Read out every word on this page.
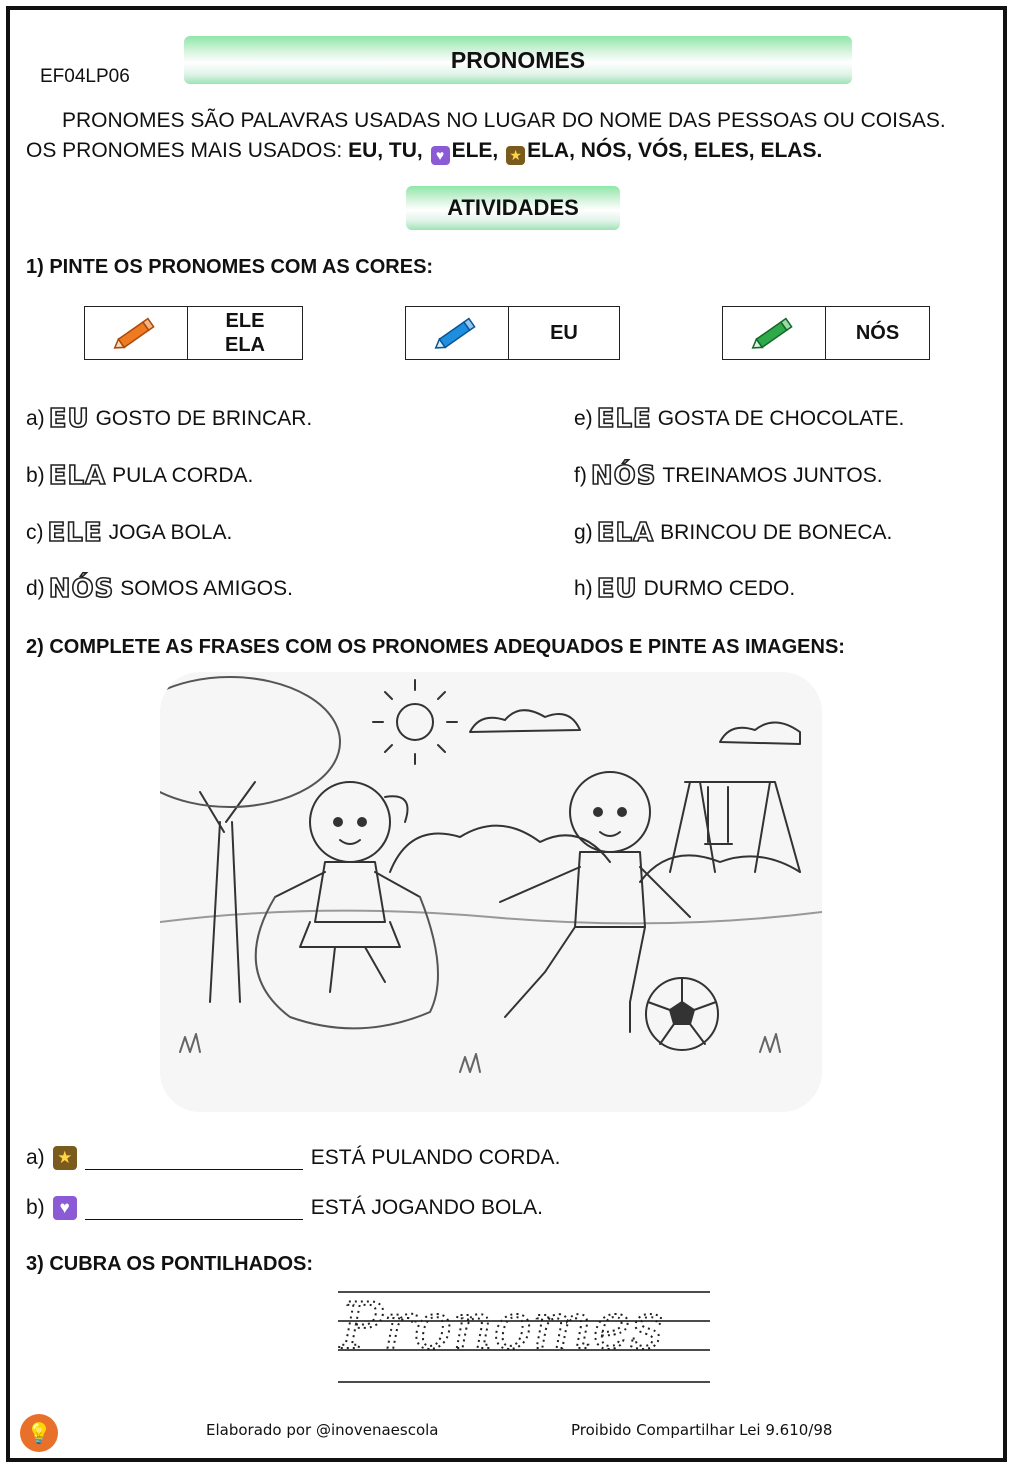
EF04LP06
PRONOMES
PRONOMES SÃO PALAVRAS USADAS NO LUGAR DO NOME DAS PESSOAS OU COISAS.
OS PRONOMES MAIS USADOS: EU, TU, ♥ ELE, ★ ELA, NÓS, VÓS, ELES, ELAS.
ATIVIDADES
1) PINTE OS PRONOMES COM AS CORES:
ELE
ELA
EU	NÓS
a) EU GOSTO DE BRINCAR.
b) ELA PULA CORDA.
c) ELE JOGA BOLA.
d) NÓS SOMOS AMIGOS.
e) ELE GOSTA DE CHOCOLATE.
f) NÓS TREINAMOS JUNTOS.
g) ELA BRINCOU DE BONECA.
h) EU DURMO CEDO.
2) COMPLETE AS FRASES COM OS PRONOMES ADEQUADOS E PINTE AS IMAGENS:
a) ★	ESTÁ PULANDO CORDA.
b) ♥	ESTÁ JOGANDO BOLA.
3) CUBRA OS PONTILHADOS:
Pronomes
💡	Elaborado por @inovenaescola	Proibido Compartilhar Lei 9.610/98
